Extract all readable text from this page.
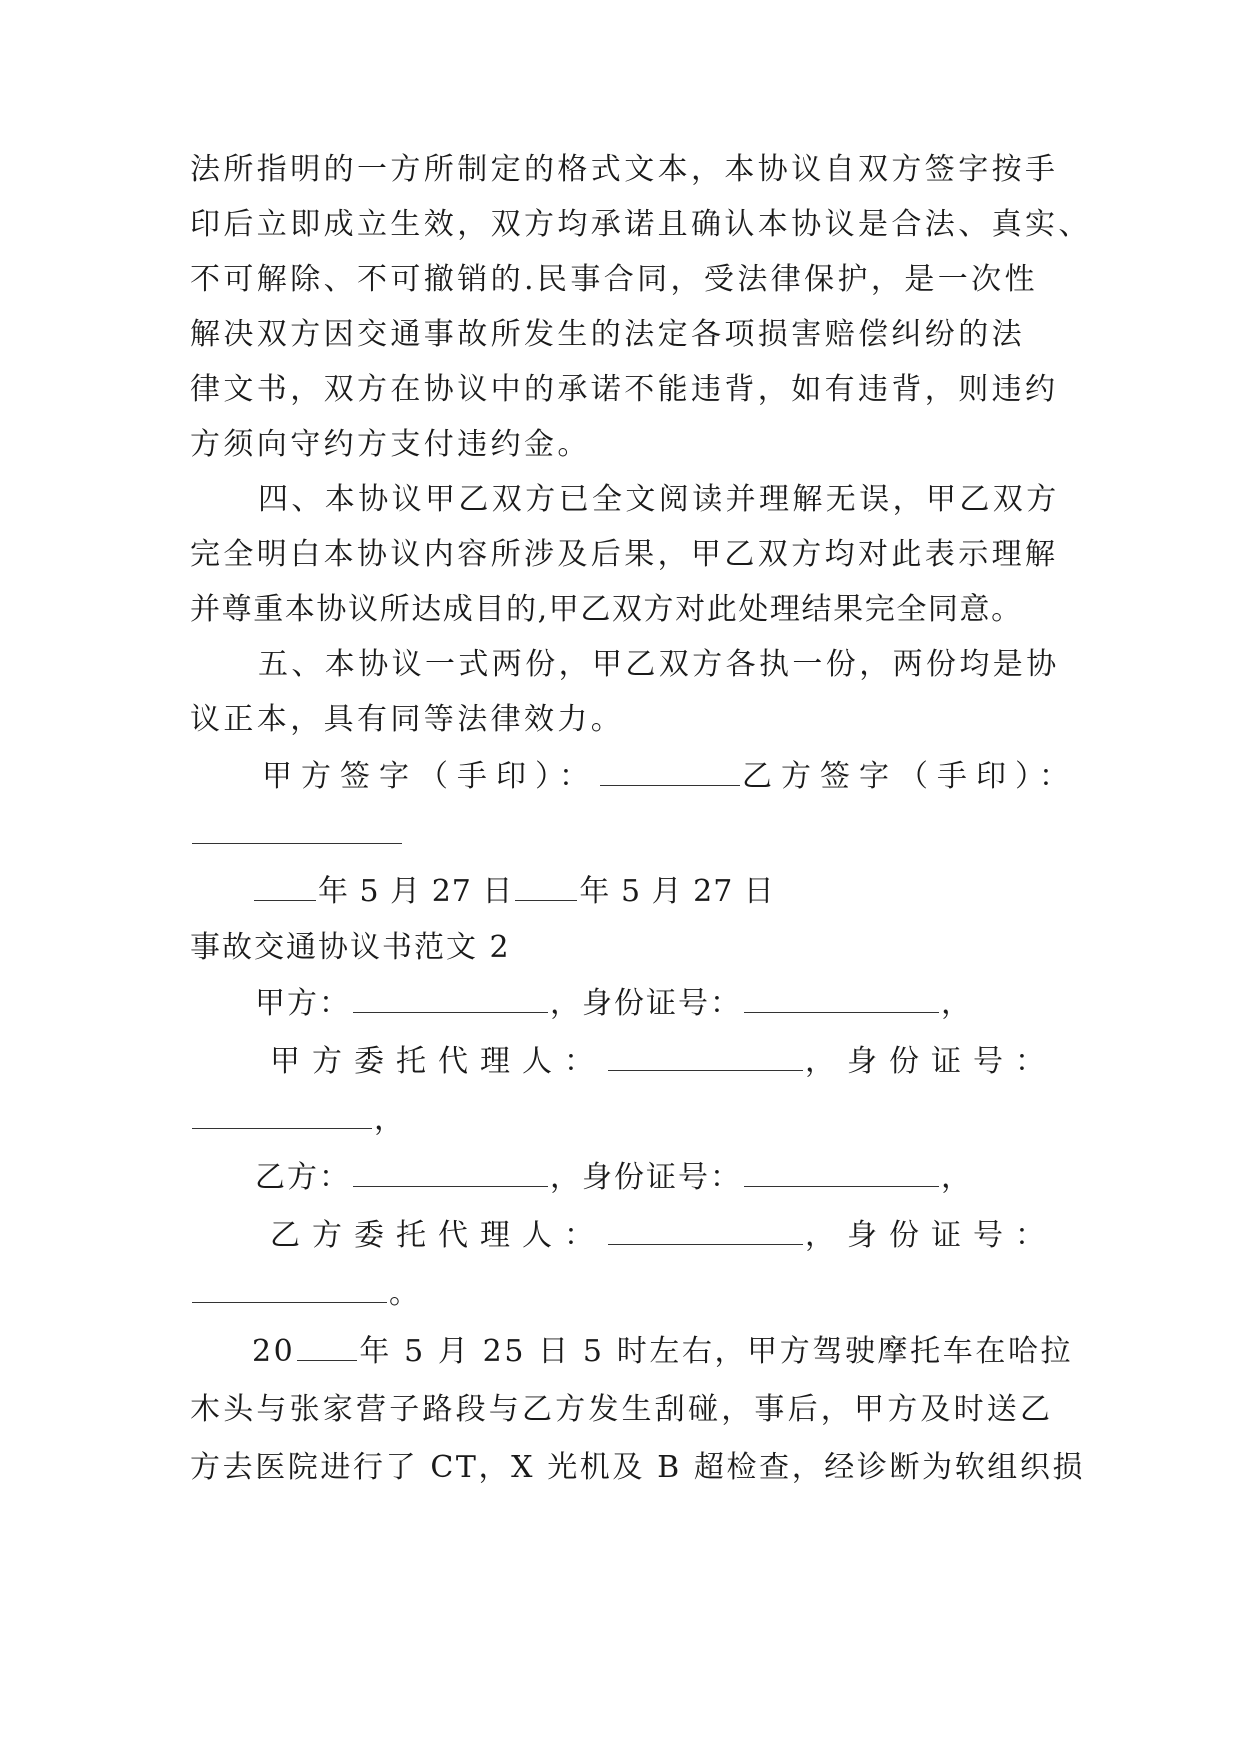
法所指明的一方所制定的格式文本，本协议自双方签字按手
印后立即成立生效，双方均承诺且确认本协议是合法、真实、
不可解除、不可撤销的.民事合同，受法律保护，是一次性
解决双方因交通事故所发生的法定各项损害赔偿纠纷的法
律文书，双方在协议中的承诺不能违背，如有违背，则违约
方须向守约方支付违约金。
四、本协议甲乙双方已全文阅读并理解无误，甲乙双方
完全明白本协议内容所涉及后果，甲乙双方均对此表示理解
并尊重本协议所达成目的,甲乙双方对此处理结果完全同意。
五、本协议一式两份，甲乙双方各执一份，两份均是协
议正本，具有同等法律效力。
甲方签字（手印）：	乙方签字（手印）：
年 5 月 27 日 年 5 月 27 日
事故交通协议书范文 2
甲方：	，身份证号：	，
甲方委托代理人：	，身份证号：
，
乙方：	，身份证号：	，
乙方委托代理人：	，身份证号：
。
20 年 5 月 25 日 5 时左右，甲方驾驶摩托车在哈拉
木头与张家营子路段与乙方发生刮碰，事后，甲方及时送乙
方去医院进行了 CT，X 光机及 B 超检查，经诊断为软组织损
